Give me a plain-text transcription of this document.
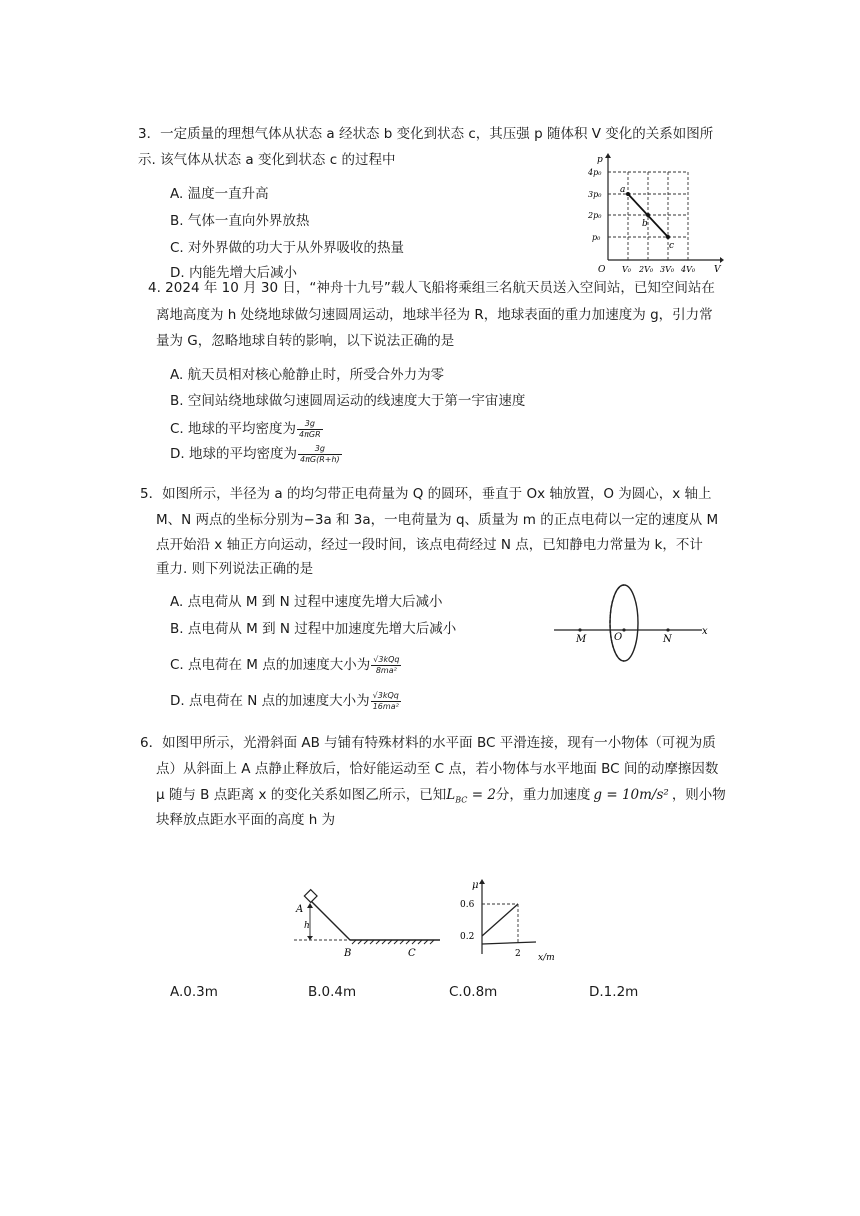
3．一定质量的理想气体从状态 a 经状态 b 变化到状态 c，其压强 p 随体积 V 变化的关系如图所
示. 该气体从状态 a 变化到状态 c 的过程中
A. 温度一直升高
B. 气体一直向外界放热
C. 对外界做的功大于从外界吸收的热量
D. 内能先增大后减小
p
V
O
4p₀
3p₀
2p₀
p₀
V₀ 2V₀ 3V₀ 4V₀
a
b
c
4. 2024 年 10 月 30 日，“神舟十九号”载人飞船将乘组三名航天员送入空间站，已知空间站在
离地高度为 h 处绕地球做匀速圆周运动，地球半径为 R，地球表面的重力加速度为 g，引力常
量为 G，忽略地球自转的影响，以下说法正确的是
A. 航天员相对核心舱静止时，所受合外力为零
B. 空间站绕地球做匀速圆周运动的线速度大于第一宇宙速度
C. 地球的平均密度为 $\frac{3g}{\text{4πGR}}$
D. 地球的平均密度为 $\frac{3g}{4\pi G(R+h)}$
5．如图所示，半径为 a 的均匀带正电荷量为 Q 的圆环，垂直于 Ox 轴放置，O 为圆心，x 轴上
M、N 两点的坐标分别为−3a 和 3a，一电荷量为 q、质量为 m 的正点电荷以一定的速度从 M
点开始沿 x 轴正方向运动，经过一段时间，该点电荷经过 N 点，已知静电力常量为 k，不计
重力. 则下列说法正确的是
A. 点电荷从 M 到 N 过程中速度先增大后减小
B. 点电荷从 M 到 N 过程中加速度先增大后减小
C. 点电荷在 M 点的加速度大小为 $\frac{\text{√3kQq}}{\text{8ma²}}$
D. 点电荷在 N 点的加速度大小为 $\frac{\text{√3kQq}}{\text{16ma²}}$
M	O	N
x
6．如图甲所示，光滑斜面 AB 与铺有特殊材料的水平面 BC 平滑连接，现有一小物体（可视为质
点）从斜面上 A 点静止释放后，恰好能运动至 C 点，若小物体与水平地面 BC 间的动摩擦因数
μ 随与 B 点距离 x 的变化关系如图乙所示，已知$L_{BC} = 2$分，重力加速度 g = 10m/s² ，则小物
块释放点距水平面的高度 h 为
A
h
B	C
μ
x/m
0.6
0.2
2
A.0.3m	B.0.4m	C.0.8m	D.1.2m
